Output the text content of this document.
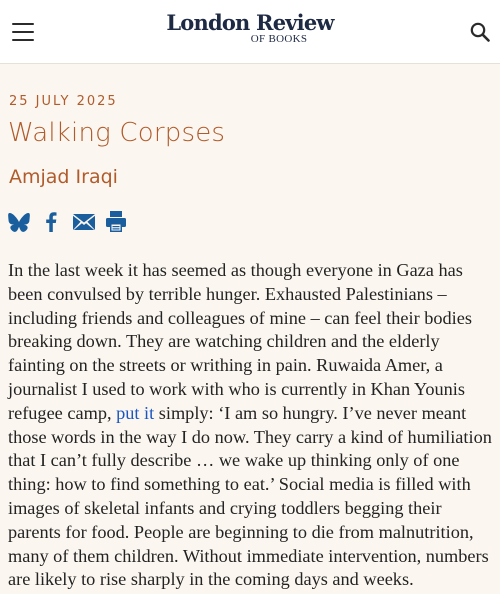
London Review
OF BOOKS
25 JULY 2025
Walking Corpses
Amjad Iraqi

In the last week it has seemed as though everyone in Gaza has been convulsed by terrible hunger. Exhausted Palestinians – including friends and colleagues of mine – can feel their bodies breaking down. They are watching children and the elderly fainting on the streets or writhing in pain. Ruwaida Amer, a journalist I used to work with who is currently in Khan Younis refugee camp, put it simply: ‘I am so hungry. I’ve never meant those words in the way I do now. They carry a kind of humiliation that I can’t fully describe … we wake up thinking only of one thing: how to find something to eat.’ Social media is filled with images of skeletal infants and crying toddlers begging their parents for food. People are beginning to die from malnutrition, many of them children. Without immediate intervention, numbers are likely to rise sharply in the coming days and weeks.
